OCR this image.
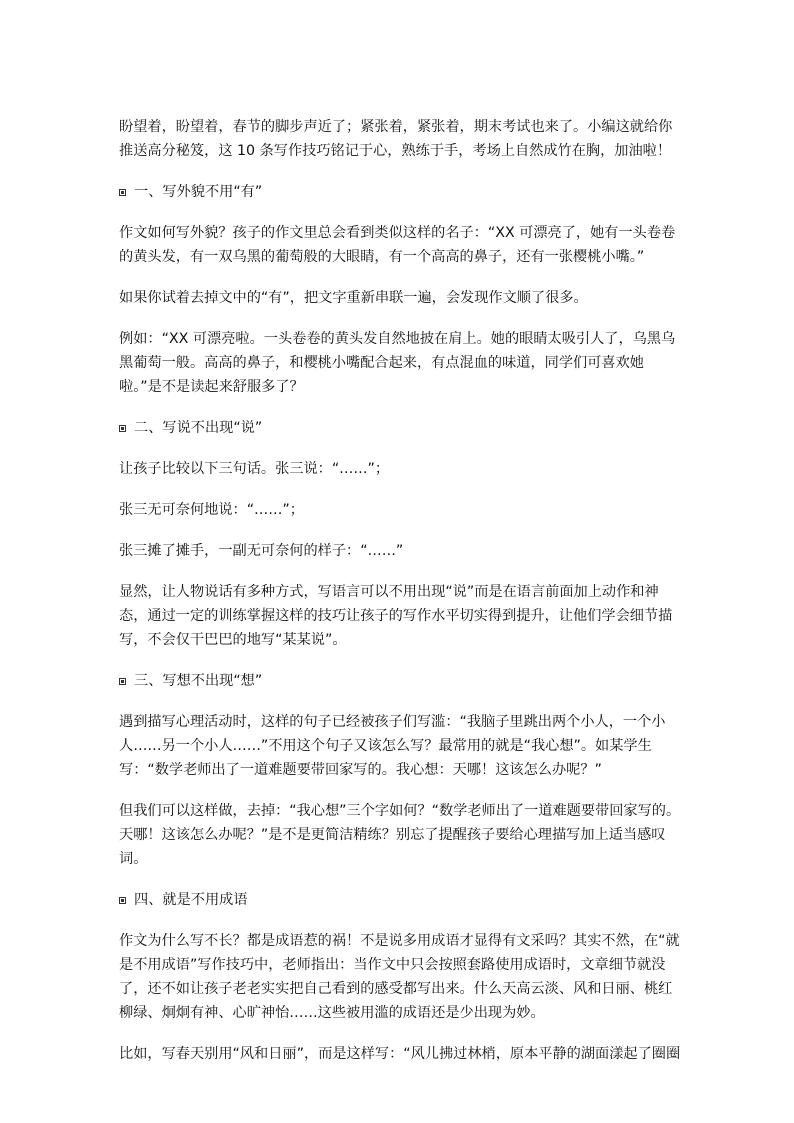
盼望着，盼望着，春节的脚步声近了；紧张着，紧张着，期末考试也来了。小编这就给你推送高分秘笈，这 10 条写作技巧铭记于心，熟练于手，考场上自然成竹在胸，加油啦！

一、写外貌不用“有”

作文如何写外貌？孩子的作文里总会看到类似这样的名子：“XX 可漂亮了，她有一头卷卷的黄头发，有一双乌黑的葡萄般的大眼睛，有一个高高的鼻子，还有一张樱桃小嘴。”

如果你试着去掉文中的“有”，把文字重新串联一遍，会发现作文顺了很多。

例如：“XX 可漂亮啦。一头卷卷的黄头发自然地披在肩上。她的眼睛太吸引人了，乌黑乌黑葡萄一般。高高的鼻子，和樱桃小嘴配合起来，有点混血的味道，同学们可喜欢她啦。”是不是读起来舒服多了？

二、写说不出现“说”

让孩子比较以下三句话。张三说：“……”；

张三无可奈何地说：“……”；

张三摊了摊手，一副无可奈何的样子：“……”

显然，让人物说话有多种方式，写语言可以不用出现“说”而是在语言前面加上动作和神态，通过一定的训练掌握这样的技巧让孩子的写作水平切实得到提升，让他们学会细节描写，不会仅干巴巴的地写“某某说”。

三、写想不出现“想”

遇到描写心理活动时，这样的句子已经被孩子们写滥：“我脑子里跳出两个小人，一个小人……另一个小人……”不用这个句子又该怎么写？最常用的就是“我心想”。如某学生写：“数学老师出了一道难题要带回家写的。我心想：天哪！这该怎么办呢？”

但我们可以这样做，去掉：“我心想”三个字如何？“数学老师出了一道难题要带回家写的。天哪！这该怎么办呢？”是不是更简洁精练？别忘了提醒孩子要给心理描写加上适当感叹词。

四、就是不用成语

作文为什么写不长？都是成语惹的祸！不是说多用成语才显得有文采吗？其实不然，在“就是不用成语”写作技巧中，老师指出：当作文中只会按照套路使用成语时，文章细节就没了，还不如让孩子老老实实把自己看到的感受都写出来。什么天高云淡、风和日丽、桃红柳绿、炯炯有神、心旷神怡……这些被用滥的成语还是少出现为妙。

比如，写春天别用“风和日丽”，而是这样写：“风儿拂过林梢，原本平静的湖面漾起了圈圈
